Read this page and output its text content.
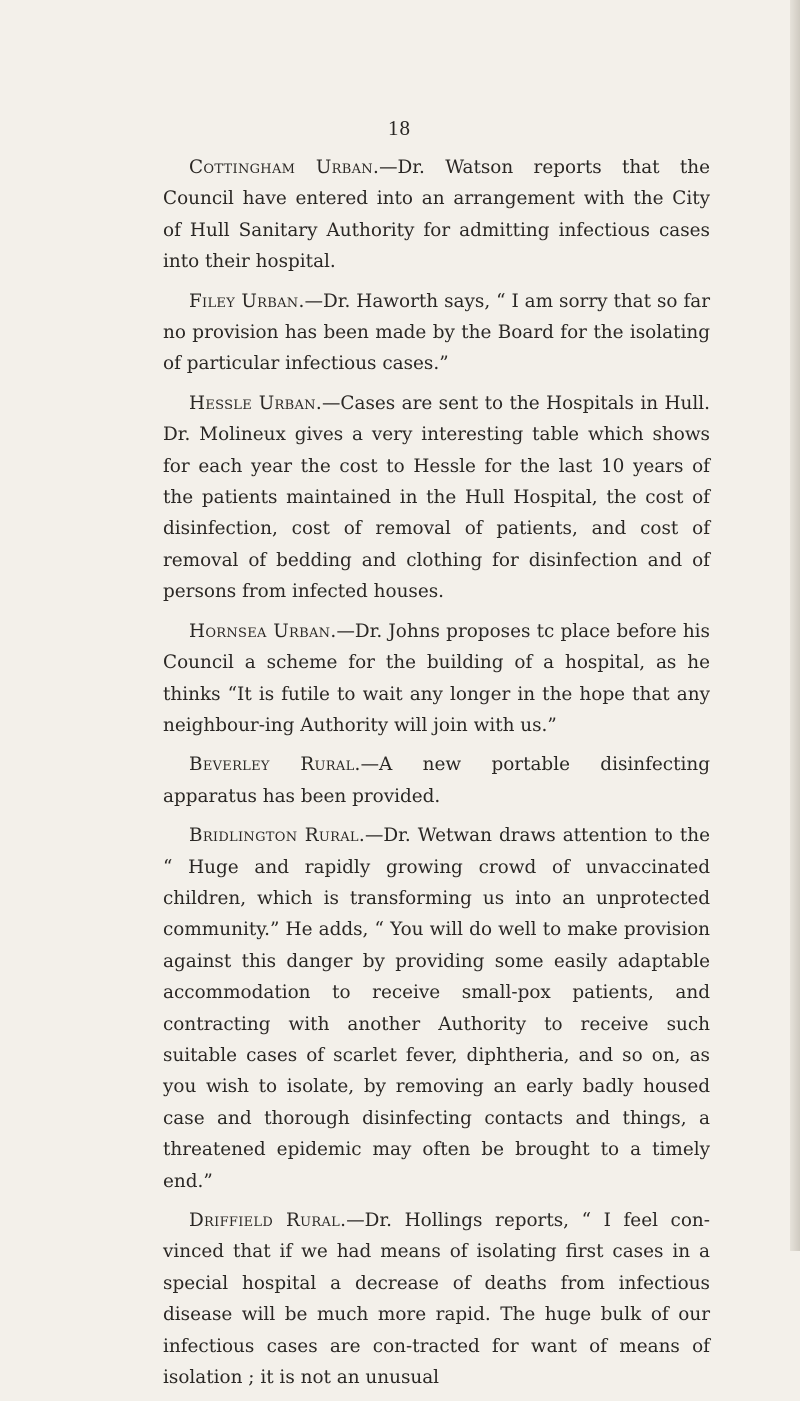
18

Cottingham Urban.—Dr. Watson reports that the Council have entered into an arrangement with the City of Hull Sanitary Authority for admitting infectious cases into their hospital.

Filey Urban.—Dr. Haworth says, “ I am sorry that so far no provision has been made by the Board for the isolating of particular infectious cases.”

Hessle Urban.—Cases are sent to the Hospitals in Hull. Dr. Molineux gives a very interesting table which shows for each year the cost to Hessle for the last 10 years of the patients maintained in the Hull Hospital, the cost of disinfection, cost of removal of patients, and cost of removal of bedding and clothing for disinfection and of persons from infected houses.

Hornsea Urban.—Dr. Johns proposes tc place before his Council a scheme for the building of a hospital, as he thinks “It is futile to wait any longer in the hope that any neighbour-ing Authority will join with us.”

Beverley Rural.—A new portable disinfecting apparatus has been provided.

Bridlington Rural.—Dr. Wetwan draws attention to the “ Huge and rapidly growing crowd of unvaccinated children, which is transforming us into an unprotected community.” He adds, “ You will do well to make provision against this danger by providing some easily adaptable accommodation to receive small-pox patients, and contracting with another Authority to receive such suitable cases of scarlet fever, diphtheria, and so on, as you wish to isolate, by removing an early badly housed case and thorough disinfecting contacts and things, a threatened epidemic may often be brought to a timely end.”

Driffield Rural.—Dr. Hollings reports, “ I feel con-vinced that if we had means of isolating first cases in a special hospital a decrease of deaths from infectious disease will be much more rapid. The huge bulk of our infectious cases are con-tracted for want of means of isolation ; it is not an unusual
